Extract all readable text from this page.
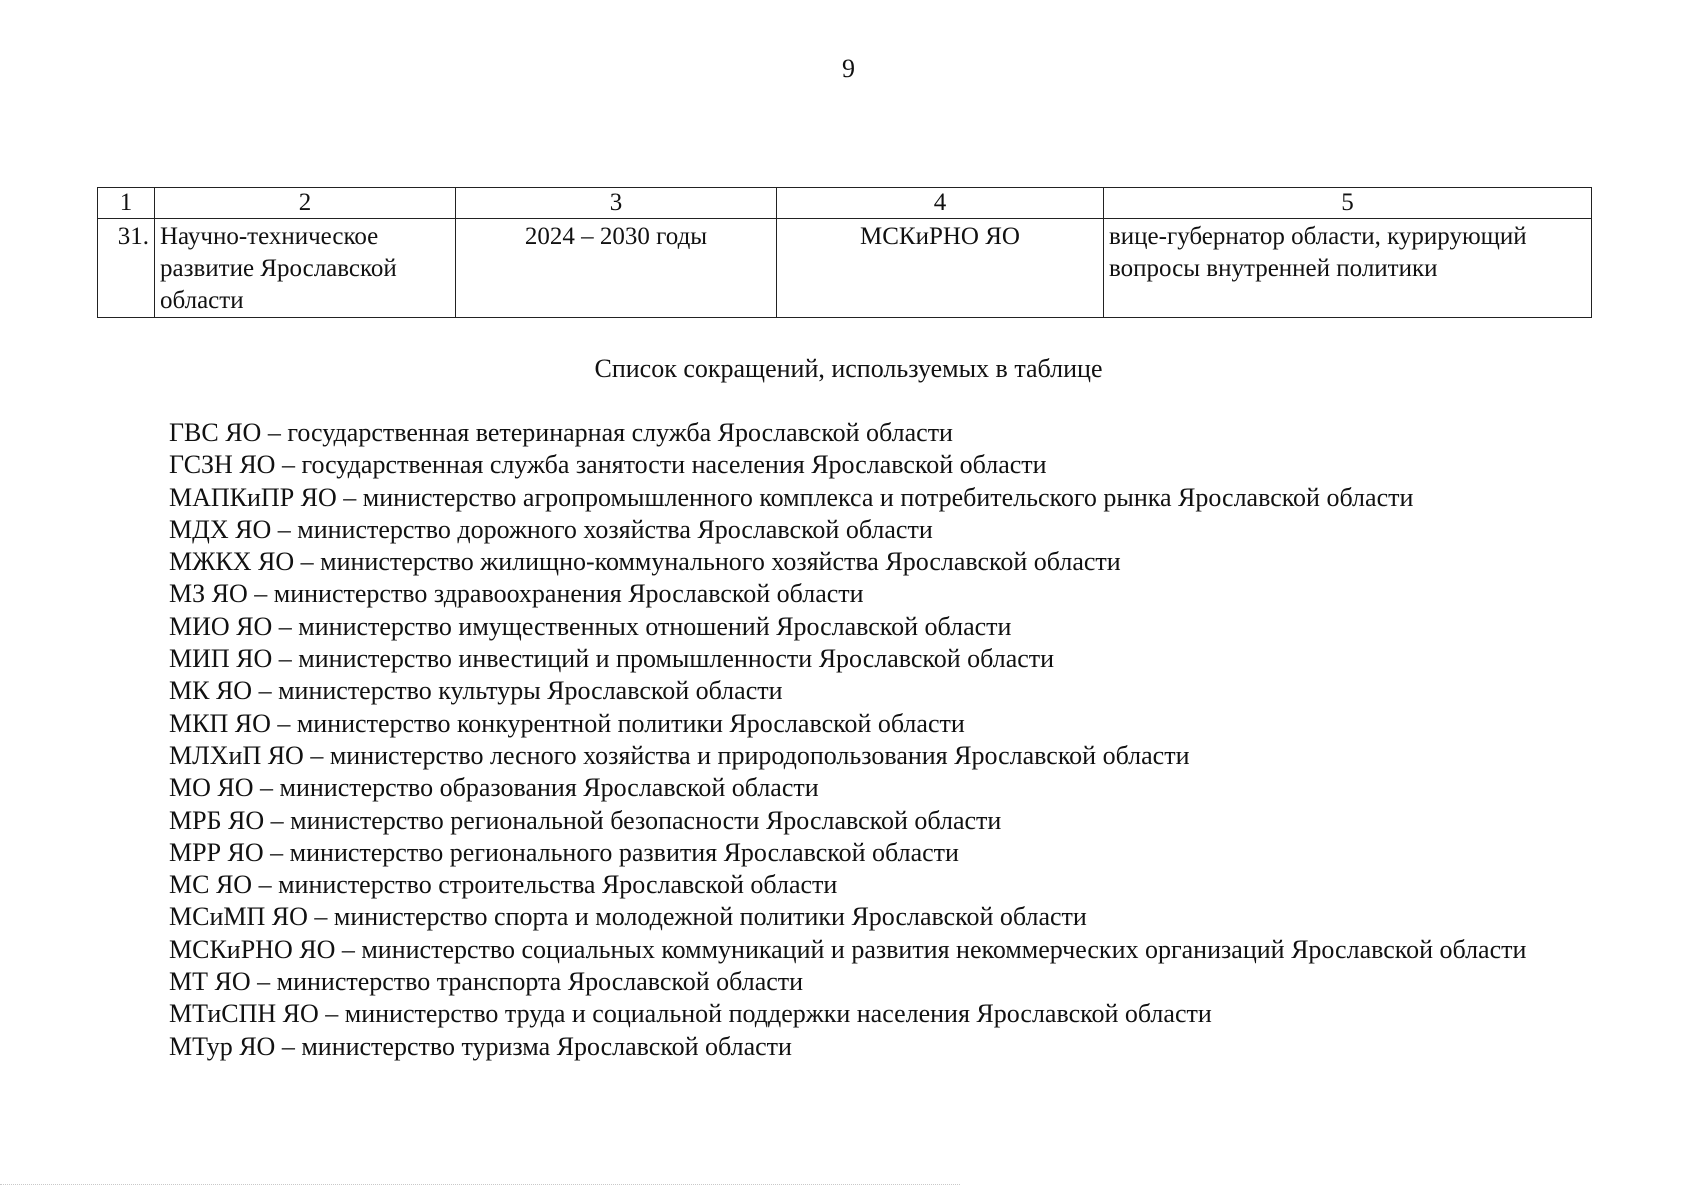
9
1	2	3	4	5
31.	Научно-техническое развитие Ярославской области	2024 – 2030 годы	МСКиРНО ЯО	вице-губернатор области, курирующий вопросы внутренней политики
Список сокращений, используемых в таблице
ГВС ЯО – государственная ветеринарная служба Ярославской области
ГСЗН ЯО – государственная служба занятости населения Ярославской области
МАПКиПР ЯО – министерство агропромышленного комплекса и потребительского рынка Ярославской области
МДХ ЯО – министерство дорожного хозяйства Ярославской области
МЖКХ ЯО – министерство жилищно-коммунального хозяйства Ярославской области
МЗ ЯО – министерство здравоохранения Ярославской области
МИО ЯО – министерство имущественных отношений Ярославской области
МИП ЯО – министерство инвестиций и промышленности Ярославской области
МК ЯО – министерство культуры Ярославской области
МКП ЯО – министерство конкурентной политики Ярославской области
МЛХиП ЯО – министерство лесного хозяйства и природопользования Ярославской области
МО ЯО – министерство образования Ярославской области
МРБ ЯО – министерство региональной безопасности Ярославской области
МРР ЯО – министерство регионального развития Ярославской области
МС ЯО – министерство строительства Ярославской области
МСиМП ЯО – министерство спорта и молодежной политики Ярославской области
МСКиРНО ЯО – министерство социальных коммуникаций и развития некоммерческих организаций Ярославской области
МТ ЯО – министерство транспорта Ярославской области
МТиСПН ЯО – министерство труда и социальной поддержки населения Ярославской области
МТур ЯО – министерство туризма Ярославской области
